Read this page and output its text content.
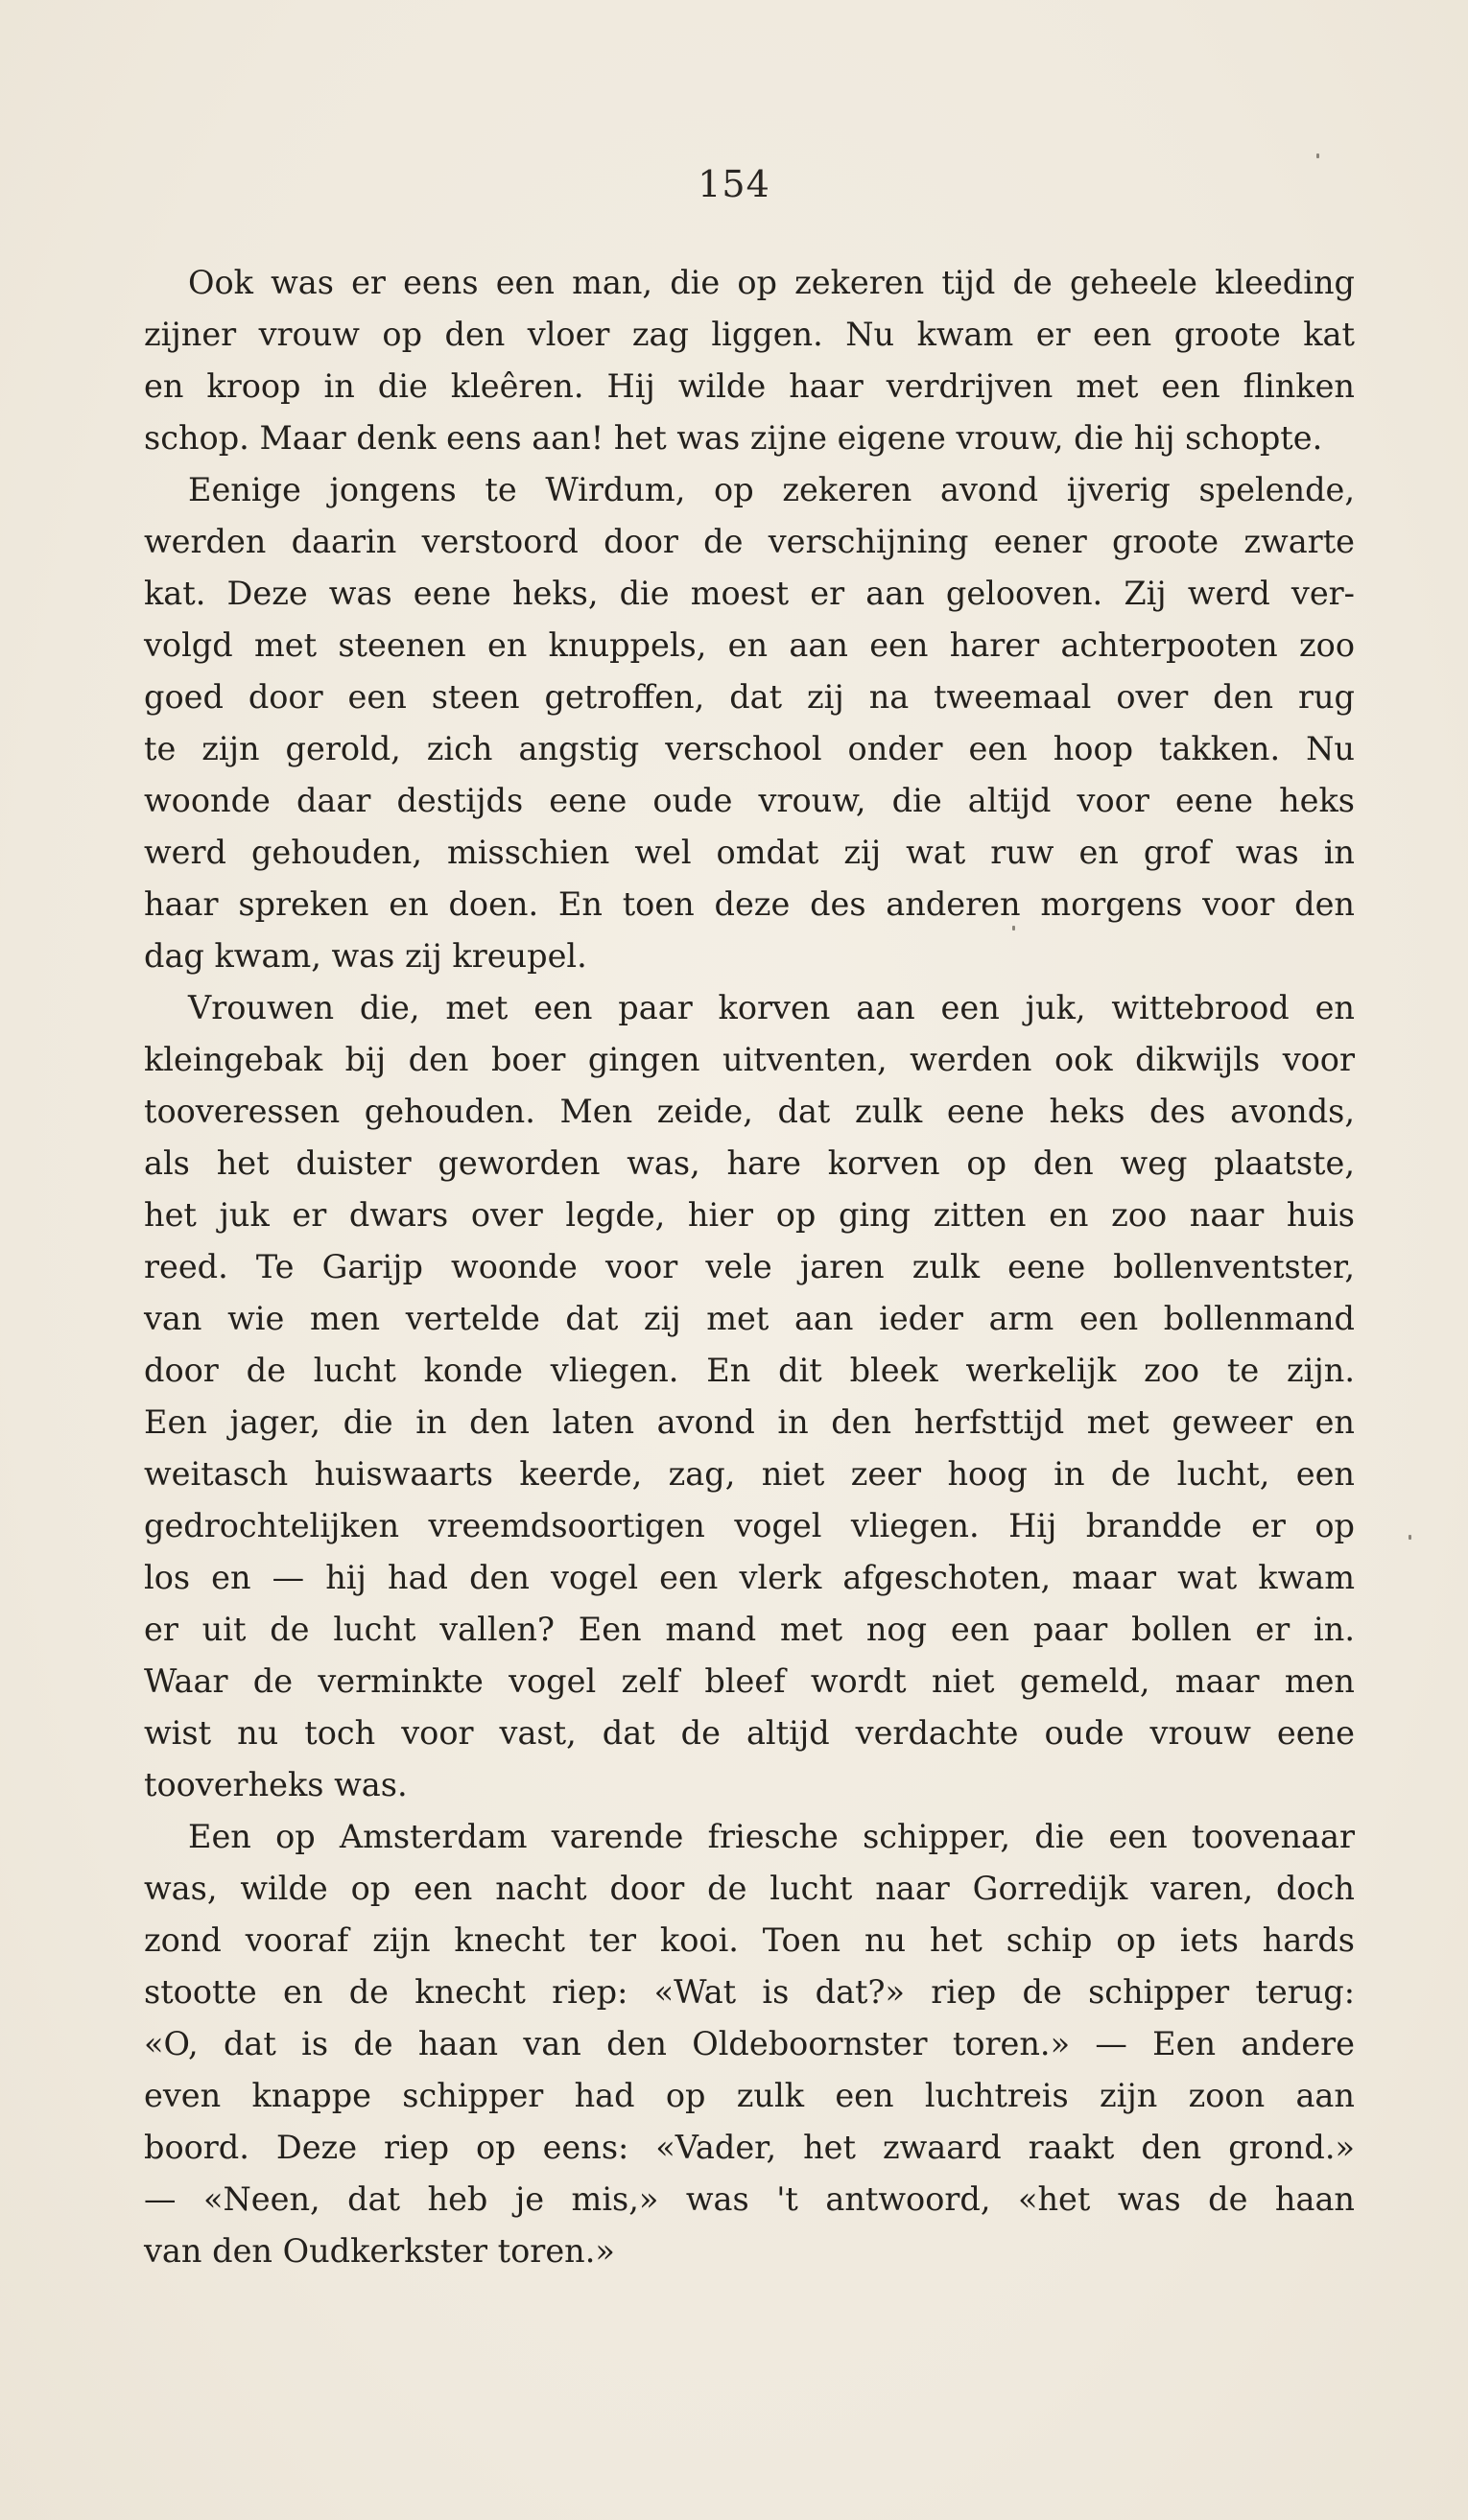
154
Ook was er eens een man, die op zekeren tijd de geheele kleeding
zijner vrouw op den vloer zag liggen. Nu kwam er een groote kat
en kroop in die kleêren. Hij wilde haar verdrijven met een flinken
schop. Maar denk eens aan! het was zijne eigene vrouw, die hij schopte.
Eenige jongens te Wirdum, op zekeren avond ijverig spelende,
werden daarin verstoord door de verschijning eener groote zwarte
kat. Deze was eene heks, die moest er aan gelooven. Zij werd ver-
volgd met steenen en knuppels, en aan een harer achterpooten zoo
goed door een steen getroffen, dat zij na tweemaal over den rug
te zijn gerold, zich angstig verschool onder een hoop takken. Nu
woonde daar destijds eene oude vrouw, die altijd voor eene heks
werd gehouden, misschien wel omdat zij wat ruw en grof was in
haar spreken en doen. En toen deze des anderen morgens voor den
dag kwam, was zij kreupel.
Vrouwen die, met een paar korven aan een juk, wittebrood en
kleingebak bij den boer gingen uitventen, werden ook dikwijls voor
tooveressen gehouden. Men zeide, dat zulk eene heks des avonds,
als het duister geworden was, hare korven op den weg plaatste,
het juk er dwars over legde, hier op ging zitten en zoo naar huis
reed. Te Garijp woonde voor vele jaren zulk eene bollenventster,
van wie men vertelde dat zij met aan ieder arm een bollenmand
door de lucht konde vliegen. En dit bleek werkelijk zoo te zijn.
Een jager, die in den laten avond in den herfsttijd met geweer en
weitasch huiswaarts keerde, zag, niet zeer hoog in de lucht, een
gedrochtelijken vreemdsoortigen vogel vliegen. Hij brandde er op
los en — hij had den vogel een vlerk afgeschoten, maar wat kwam
er uit de lucht vallen? Een mand met nog een paar bollen er in.
Waar de verminkte vogel zelf bleef wordt niet gemeld, maar men
wist nu toch voor vast, dat de altijd verdachte oude vrouw eene
tooverheks was.
Een op Amsterdam varende friesche schipper, die een toovenaar
was, wilde op een nacht door de lucht naar Gorredijk varen, doch
zond vooraf zijn knecht ter kooi. Toen nu het schip op iets hards
stootte en de knecht riep: «Wat is dat?» riep de schipper terug:
«O, dat is de haan van den Oldeboornster toren.» — Een andere
even knappe schipper had op zulk een luchtreis zijn zoon aan
boord. Deze riep op eens: «Vader, het zwaard raakt den grond.»
— «Neen, dat heb je mis,» was 't antwoord, «het was de haan
van den Oudkerkster toren.»
